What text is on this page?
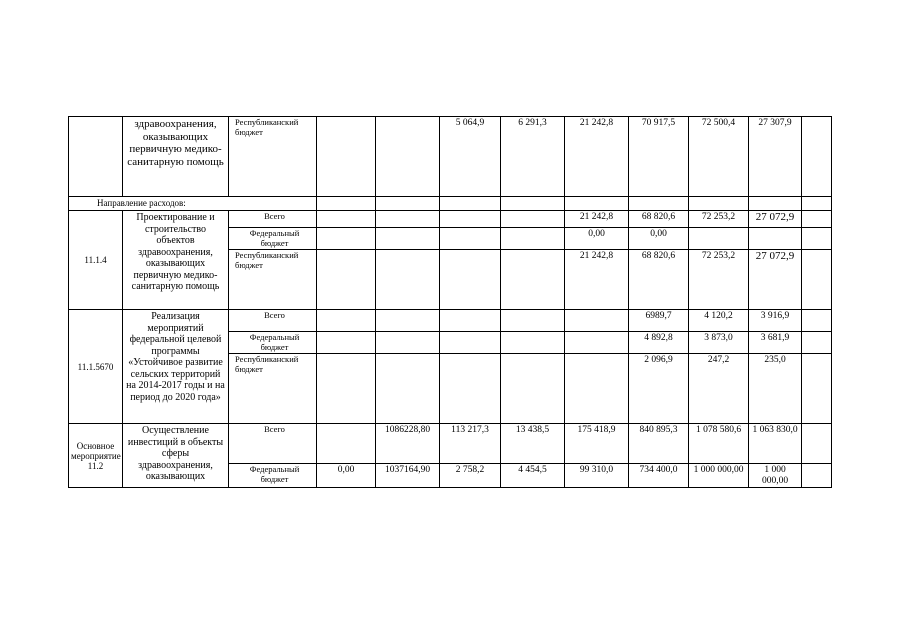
	здравоохранения, оказывающих первичную медико-санитарную помощь	Республиканский бюджет			5 064,9	6 291,3	21 242,8	70 917,5	72 500,4	27 307,9	
Направление расходов:											
11.1.4	Проектирование и строительство объектов здравоохранения, оказывающих первичную медико-санитарную помощь	Всего					21 242,8	68 820,6	72 253,2	27 072,9	
		Федеральный бюджет					0,00	0,00			
		Республиканский бюджет					21 242,8	68 820,6	72 253,2	27 072,9	
11.1.5670	Реализация мероприятий федеральной целевой программы «Устойчивое развитие сельских территорий на 2014-2017 годы и на период до 2020 года»	Всего						6989,7	4 120,2	3 916,9	
		Федеральный бюджет						4 892,8	3 873,0	3 681,9	
		Республиканский бюджет						2 096,9	247,2	235,0	
Основное мероприятие 11.2	Осуществление инвестиций в объекты сферы здравоохранения, оказывающих	Всего		1086228,80	113 217,3	13 438,5	175 418,9	840 895,3	1 078 580,6	1 063 830,0	
		Федеральный бюджет	0,00	1037164,90	2 758,2	4 454,5	99 310,0	734 400,0	1 000 000,00	1 000 000,00	
